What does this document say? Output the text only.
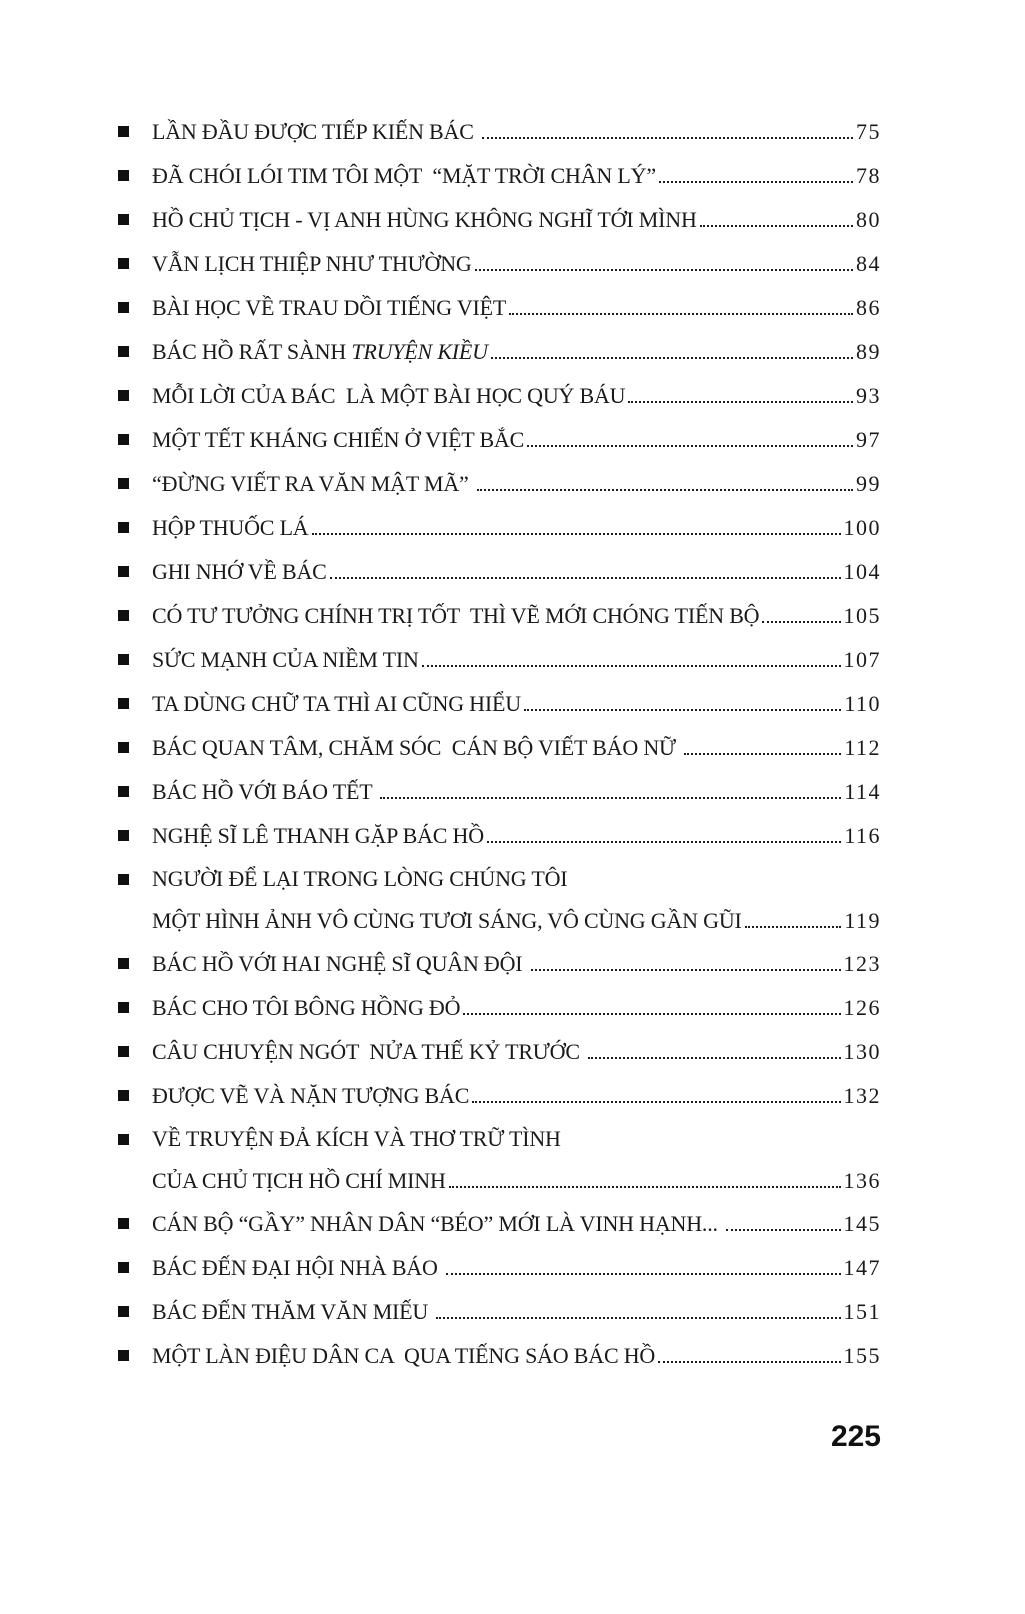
LẦN ĐẦU ĐƯỢC TIẾP KIẾN BÁC	75
ĐÃ CHÓI LÓI TIM TÔI MỘT  “MẶT TRỜI CHÂN LÝ”	78
HỒ CHỦ TỊCH - VỊ ANH HÙNG KHÔNG NGHĨ TỚI MÌNH	80
VẪN LỊCH THIỆP NHƯ THƯỜNG	84
BÀI HỌC VỀ TRAU DỒI TIẾNG VIỆT	86
BÁC HỒ RẤT SÀNH TRUYỆN KIỀU	89
MỖI LỜI CỦA BÁC  LÀ MỘT BÀI HỌC QUÝ BÁU	93
MỘT TẾT KHÁNG CHIẾN Ở VIỆT BẮC	97
“ĐỪNG VIẾT RA VĂN MẬT MÃ”	99
HỘP THUỐC LÁ	100
GHI NHỚ VỀ BÁC	104
CÓ TƯ TƯỞNG CHÍNH TRỊ TỐT  THÌ VẼ MỚI CHÓNG TIẾN BỘ	105
SỨC MẠNH CỦA NIỀM TIN	107
TA DÙNG CHỮ TA THÌ AI CŨNG HIỂU	110
BÁC QUAN TÂM, CHĂM SÓC  CÁN BỘ VIẾT BÁO NỮ	112
BÁC HỒ VỚI BÁO TẾT	114
NGHỆ SĨ LÊ THANH GẶP BÁC HỒ	116
NGƯỜI ĐỂ LẠI TRONG LÒNG CHÚNG TÔI
MỘT HÌNH ẢNH VÔ CÙNG TƯƠI SÁNG, VÔ CÙNG GẦN GŨI	119
BÁC HỒ VỚI HAI NGHỆ SĨ QUÂN ĐỘI	123
BÁC CHO TÔI BÔNG HỒNG ĐỎ	126
CÂU CHUYỆN NGÓT  NỬA THẾ KỶ TRƯỚC	130
ĐƯỢC VẼ VÀ NẶN TƯỢNG BÁC	132
VỀ TRUYỆN ĐẢ KÍCH VÀ THƠ TRỮ TÌNH
CỦA CHỦ TỊCH HỒ CHÍ MINH	136
CÁN BỘ “GẦY” NHÂN DÂN “BÉO” MỚI LÀ VINH HẠNH...	145
BÁC ĐẾN ĐẠI HỘI NHÀ BÁO	147
BÁC ĐẾN THĂM VĂN MIẾU	151
MỘT LÀN ĐIỆU DÂN CA  QUA TIẾNG SÁO BÁC HỒ	155
225
